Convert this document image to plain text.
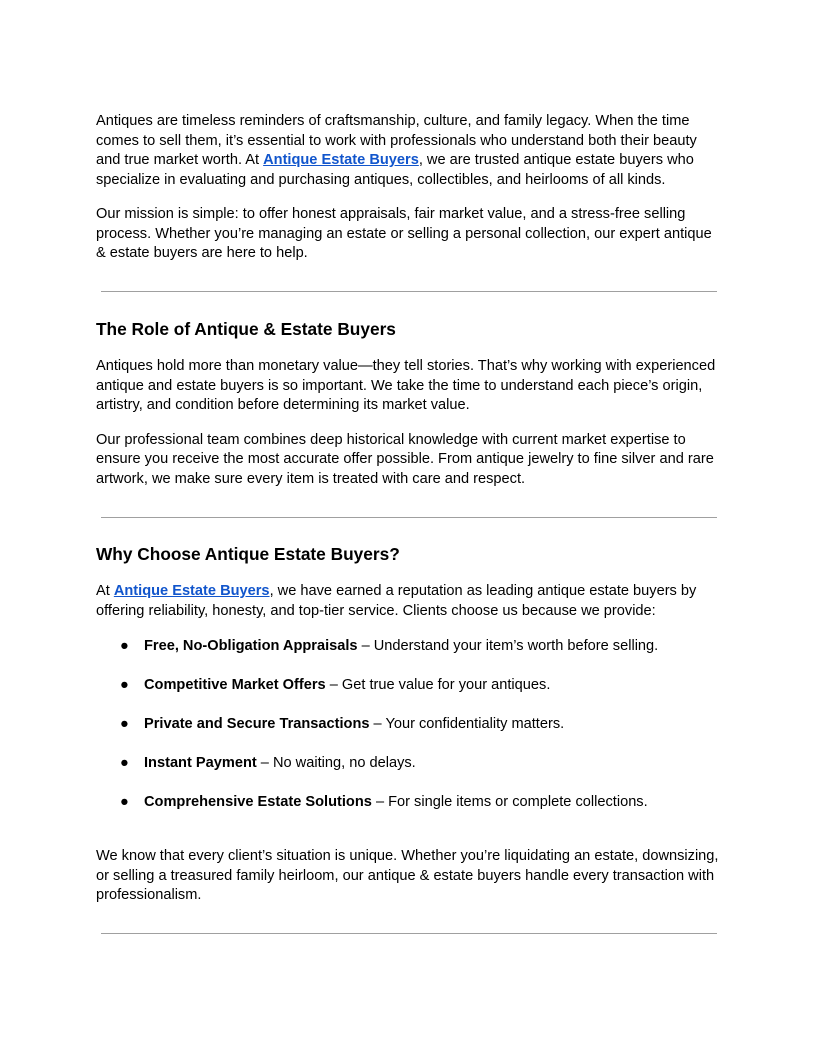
Antiques are timeless reminders of craftsmanship, culture, and family legacy. When the time comes to sell them, it’s essential to work with professionals who understand both their beauty and true market worth. At Antique Estate Buyers, we are trusted antique estate buyers who specialize in evaluating and purchasing antiques, collectibles, and heirlooms of all kinds.

Our mission is simple: to offer honest appraisals, fair market value, and a stress-free selling process. Whether you’re managing an estate or selling a personal collection, our expert antique & estate buyers are here to help.

The Role of Antique & Estate Buyers

Antiques hold more than monetary value—they tell stories. That’s why working with experienced antique and estate buyers is so important. We take the time to understand each piece’s origin, artistry, and condition before determining its market value.

Our professional team combines deep historical knowledge with current market expertise to ensure you receive the most accurate offer possible. From antique jewelry to fine silver and rare artwork, we make sure every item is treated with care and respect.

Why Choose Antique Estate Buyers?

At Antique Estate Buyers, we have earned a reputation as leading antique estate buyers by offering reliability, honesty, and top-tier service. Clients choose us because we provide:

● Free, No-Obligation Appraisals – Understand your item’s worth before selling.
● Competitive Market Offers – Get true value for your antiques.
● Private and Secure Transactions – Your confidentiality matters.
● Instant Payment – No waiting, no delays.
● Comprehensive Estate Solutions – For single items or complete collections.

We know that every client’s situation is unique. Whether you’re liquidating an estate, downsizing, or selling a treasured family heirloom, our antique & estate buyers handle every transaction with professionalism.
